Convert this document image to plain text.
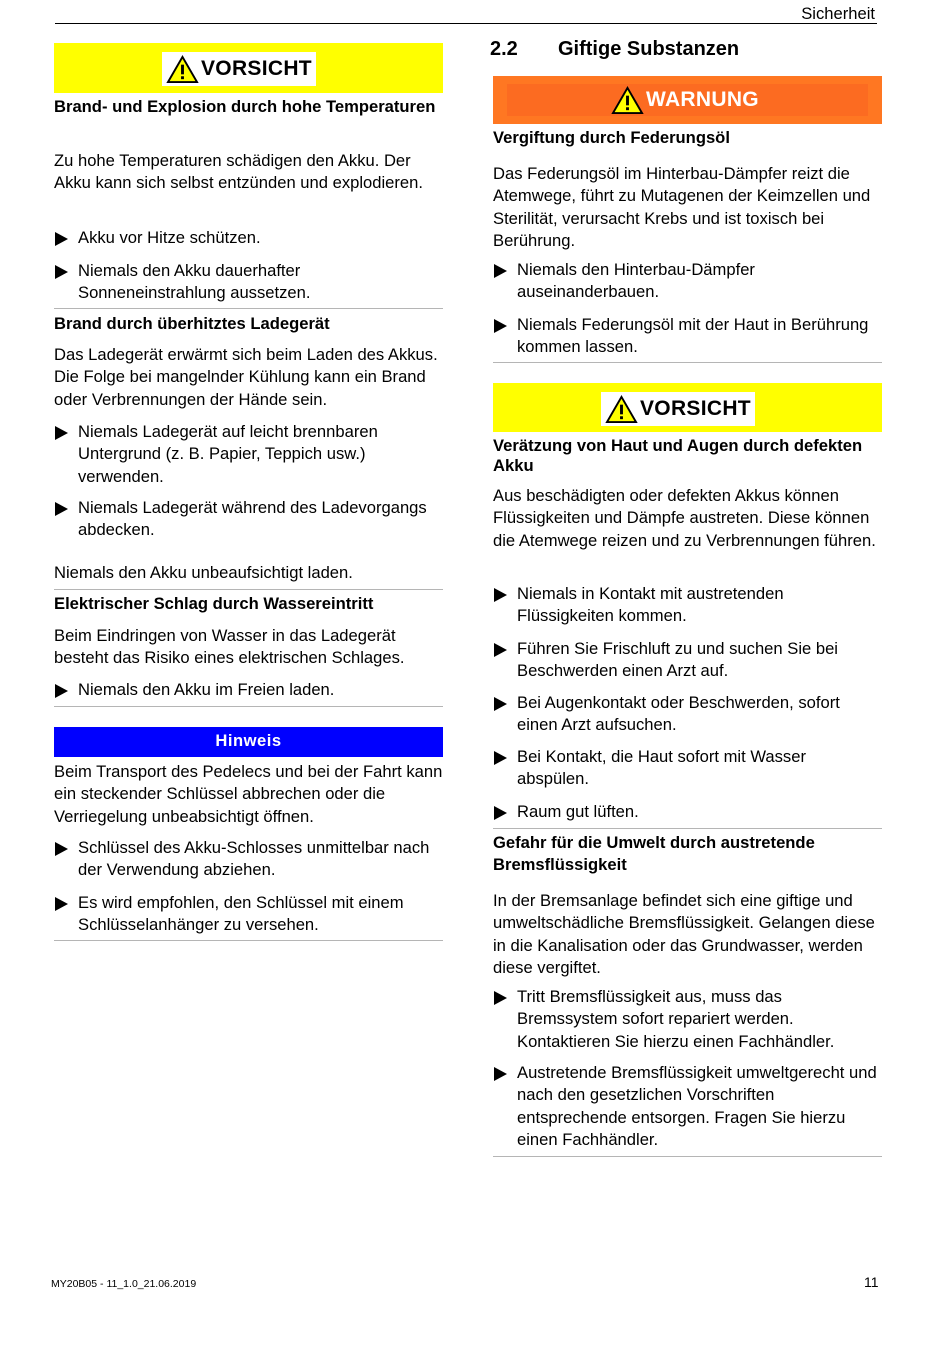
Sicherheit
VORSICHT
Brand- und Explosion durch hohe Temperaturen
Zu hohe Temperaturen schädigen den Akku. Der Akku kann sich selbst entzünden und explodieren.
Akku vor Hitze schützen.
Niemals den Akku dauerhafter Sonneneinstrahlung aussetzen.
Brand durch überhitztes Ladegerät
Das Ladegerät erwärmt sich beim Laden des Akkus. Die Folge bei mangelnder Kühlung kann ein Brand oder Verbrennungen der Hände sein.
Niemals Ladegerät auf leicht brennbaren Untergrund (z. B. Papier, Teppich usw.) verwenden.
Niemals Ladegerät während des Ladevorgangs abdecken.
Niemals den Akku unbeaufsichtigt laden.
Elektrischer Schlag durch Wassereintritt
Beim Eindringen von Wasser in das Ladegerät besteht das Risiko eines elektrischen Schlages.
Niemals den Akku im Freien laden.
Hinweis
Beim Transport des Pedelecs und bei der Fahrt kann ein steckender Schlüssel abbrechen oder die Verriegelung unbeabsichtigt öffnen.
Schlüssel des Akku-Schlosses unmittelbar nach der Verwendung abziehen.
Es wird empfohlen, den Schlüssel mit einem Schlüsselanhänger zu versehen.
2.2 Giftige Substanzen
WARNUNG
Vergiftung durch Federungsöl
Das Federungsöl im Hinterbau-Dämpfer reizt die Atemwege, führt zu Mutagenen der Keimzellen und Sterilität, verursacht Krebs und ist toxisch bei Berührung.
Niemals den Hinterbau-Dämpfer auseinanderbauen.
Niemals Federungsöl mit der Haut in Berührung kommen lassen.
VORSICHT
Verätzung von Haut und Augen durch defekten Akku
Aus beschädigten oder defekten Akkus können Flüssigkeiten und Dämpfe austreten. Diese können die Atemwege reizen und zu Verbrennungen führen.
Niemals in Kontakt mit austretenden Flüssigkeiten kommen.
Führen Sie Frischluft zu und suchen Sie bei Beschwerden einen Arzt auf.
Bei Augenkontakt oder Beschwerden, sofort einen Arzt aufsuchen.
Bei Kontakt, die Haut sofort mit Wasser abspülen.
Raum gut lüften.
Gefahr für die Umwelt durch austretende Bremsflüssigkeit
In der Bremsanlage befindet sich eine giftige und umweltschädliche Bremsflüssigkeit. Gelangen diese in die Kanalisation oder das Grundwasser, werden diese vergiftet.
Tritt Bremsflüssigkeit aus, muss das Bremssystem sofort repariert werden. Kontaktieren Sie hierzu einen Fachhändler.
Austretende Bremsflüssigkeit umweltgerecht und nach den gesetzlichen Vorschriften entsprechende entsorgen. Fragen Sie hierzu einen Fachhändler.
MY20B05 - 11_1.0_21.06.2019	11
